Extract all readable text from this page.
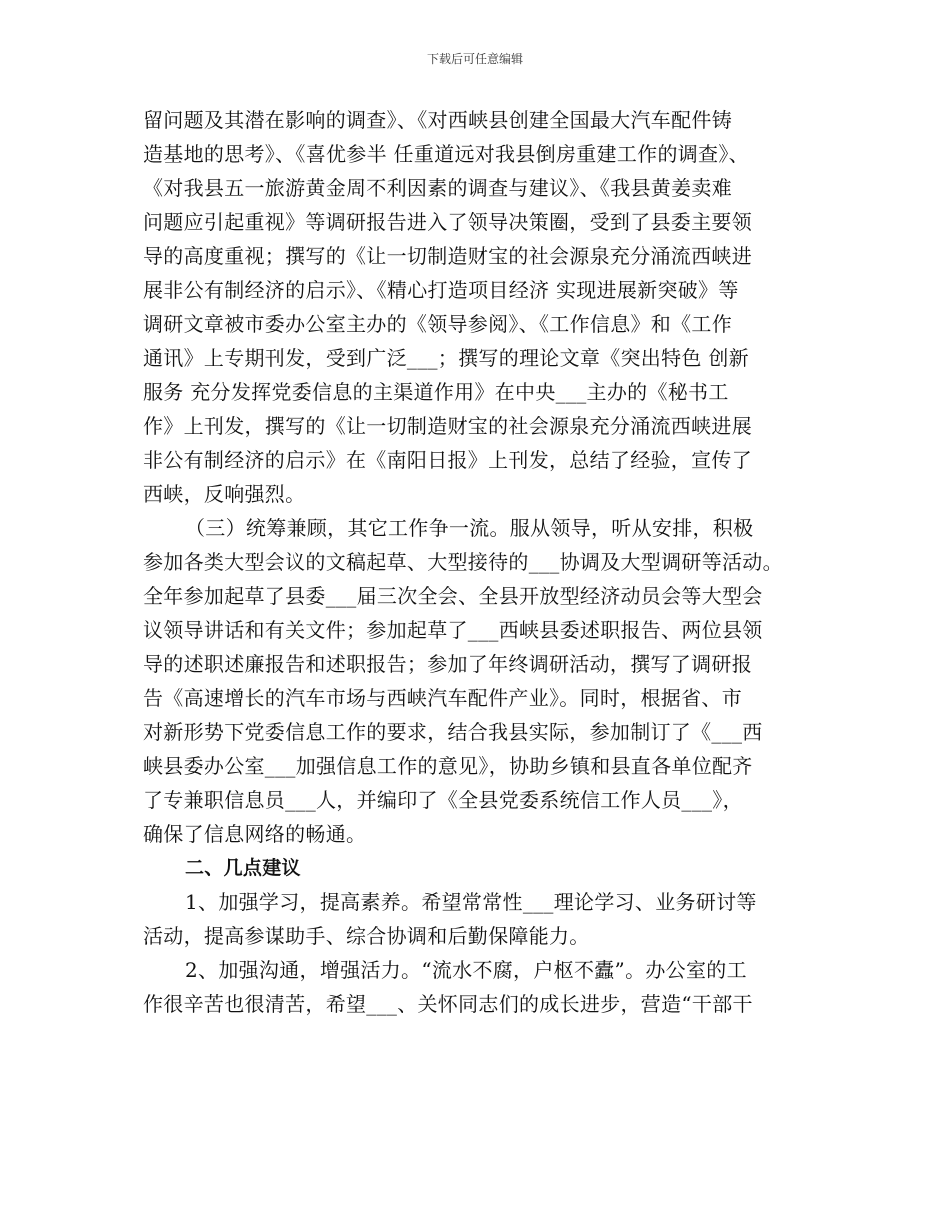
下载后可任意编辑
留问题及其潜在影响的调查》、《对西峡县创建全国最大汽车配件铸
造基地的思考》、《喜优参半 任重道远对我县倒房重建工作的调查》、
《对我县五一旅游黄金周不利因素的调查与建议》、《我县黄姜卖难
问题应引起重视》等调研报告进入了领导决策圈，受到了县委主要领
导的高度重视；撰写的《让一切制造财宝的社会源泉充分涌流西峡进
展非公有制经济的启示》、《精心打造项目经济 实现进展新突破》等
调研文章被市委办公室主办的《领导参阅》、《工作信息》和《工作
通讯》上专期刊发，受到广泛___；撰写的理论文章《突出特色 创新
服务 充分发挥党委信息的主渠道作用》在中央___主办的《秘书工
作》上刊发，撰写的《让一切制造财宝的社会源泉充分涌流西峡进展
非公有制经济的启示》在《南阳日报》上刊发，总结了经验，宣传了
西峡，反响强烈。
（三）统筹兼顾，其它工作争一流。服从领导，听从安排，积极
参加各类大型会议的文稿起草、大型接待的___协调及大型调研等活动。
全年参加起草了县委___届三次全会、全县开放型经济动员会等大型会
议领导讲话和有关文件；参加起草了___西峡县委述职报告、两位县领
导的述职述廉报告和述职报告；参加了年终调研活动，撰写了调研报
告《高速增长的汽车市场与西峡汽车配件产业》。同时，根据省、市
对新形势下党委信息工作的要求，结合我县实际，参加制订了《___西
峡县委办公室___加强信息工作的意见》，协助乡镇和县直各单位配齐
了专兼职信息员___人，并编印了《全县党委系统信工作人员___》，
确保了信息网络的畅通。
二、几点建议
1、加强学习，提高素养。希望常常性___理论学习、业务研讨等
活动，提高参谋助手、综合协调和后勤保障能力。
2、加强沟通，增强活力。“流水不腐，户枢不蠹”。办公室的工
作很辛苦也很清苦，希望___、关怀同志们的成长进步，营造“干部干
